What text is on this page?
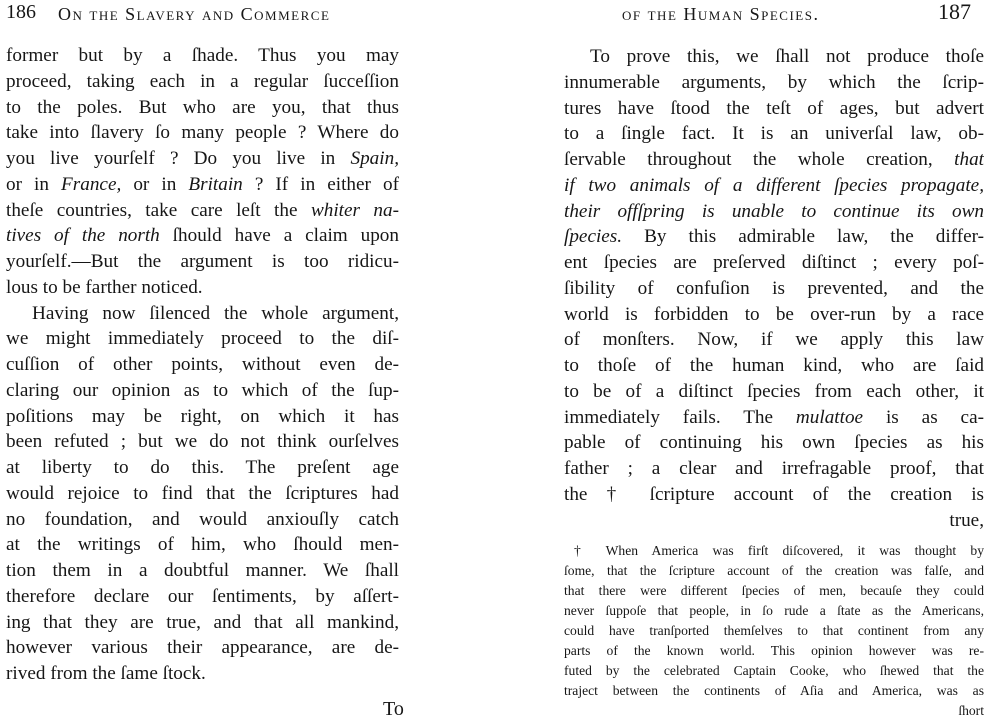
186 On the Slavery and Commerce
former but by a ſhade. Thus you may
proceed, taking each in a regular ſucceſſion
to the poles. But who are you, that thus
take into ſlavery ſo many people ? Where do
you live yourſelf ? Do you live in Spain,
or in France, or in Britain ? If in either of
theſe countries, take care leſt the whiter na-
tives of the north ſhould have a claim upon
yourſelf.—But the argument is too ridicu-
lous to be farther noticed.
Having now ſilenced the whole argument,
we might immediately proceed to the diſ-
cuſſion of other points, without even de-
claring our opinion as to which of the ſup-
poſitions may be right, on which it has
been refuted ; but we do not think ourſelves
at liberty to do this. The preſent age
would rejoice to find that the ſcriptures had
no foundation, and would anxiouſly catch
at the writings of him, who ſhould men-
tion them in a doubtful manner. We ſhall
therefore declare our ſentiments, by aſſert-
ing that they are true, and that all mankind,
however various their appearance, are de-
rived from the ſame ſtock.
To
of the Human Species.	187
To prove this, we ſhall not produce thoſe
innumerable arguments, by which the ſcrip-
tures have ſtood the teſt of ages, but advert
to a ſingle fact. It is an univerſal law, ob-
ſervable throughout the whole creation, that
if two animals of a different ſpecies propagate,
their offſpring is unable to continue its own
ſpecies. By this admirable law, the differ-
ent ſpecies are preſerved diſtinct ; every poſ-
ſibility of confuſion is prevented, and the
world is forbidden to be over-run by a race
of monſters. Now, if we apply this law
to thoſe of the human kind, who are ſaid
to be of a diſtinct ſpecies from each other, it
immediately fails. The mulattoe is as ca-
pable of continuing his own ſpecies as his
father ; a clear and irrefragable proof, that
the † ſcripture account of the creation is
true,
† When America was firſt diſcovered, it was thought by
ſome, that the ſcripture account of the creation was falſe, and
that there were different ſpecies of men, becauſe they could
never ſuppoſe that people, in ſo rude a ſtate as the Americans,
could have tranſported themſelves to that continent from any
parts of the known world. This opinion however was re-
futed by the celebrated Captain Cooke, who ſhewed that the
traject between the continents of Aſia and America, was as
ſhort
